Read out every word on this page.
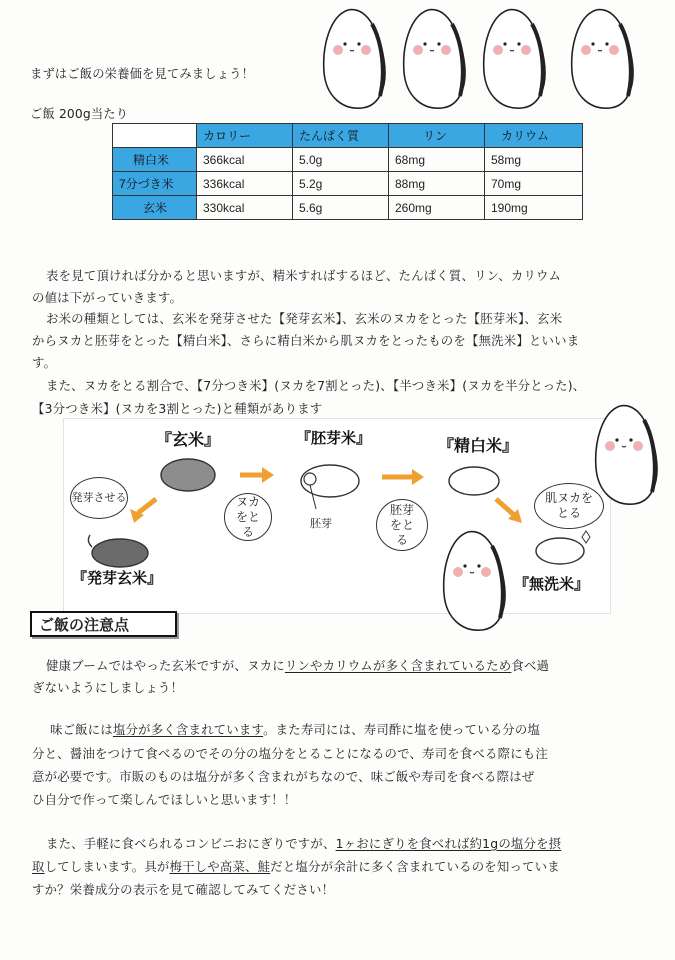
まずはご飯の栄養価を見てみましょう！
ご飯 200g当たり
	カロリー	たんぱく質	リン	カリウム
精白米	366kcal	5.0g	68mg	58mg
7分づき米	336kcal	5.2g	88mg	70mg
玄米	330kcal	5.6g	260mg	190mg
表を見て頂ければ分かると思いますが、精米すればするほど、たんぱく質、リン、カリウム
の値は下がっていきます。
お米の種類としては、玄米を発芽させた【発芽玄米】、玄米のヌカをとった【胚芽米】、玄米
からヌカと胚芽をとった【精白米】、さらに精白米から肌ヌカをとったものを【無洗米】といいま
す。
また、ヌカをとる割合で、【7分つき米】(ヌカを7割とった)、【半つき米】(ヌカを半分とった)、
【3分つき米】(ヌカを3割とった)と種類があります
『玄米』	『胚芽米』	『精白米』
『発芽玄米』	『無洗米』
発芽させる	ヌカをとる
胚芽
胚芽をとる
肌ヌカをとる
ご飯の注意点
健康ブームではやった玄米ですが、ヌカにリンやカリウムが多く含まれているため食べ過
ぎないようにしましょう！
味ご飯には塩分が多く含まれています。また寿司には、寿司酢に塩を使っている分の塩
分と、醤油をつけて食べるのでその分の塩分をとることになるので、寿司を食べる際にも注
意が必要です。市販のものは塩分が多く含まれがちなので、味ご飯や寿司を食べる際はぜ
ひ自分で作って楽しんでほしいと思います！！
また、手軽に食べられるコンビニおにぎりですが、1ヶおにぎりを食べれば約1gの塩分を摂
取してしまいます。具が梅干しや高菜、鮭だと塩分が余計に多く含まれているのを知っていま
すか？栄養成分の表示を見て確認してみてください！
